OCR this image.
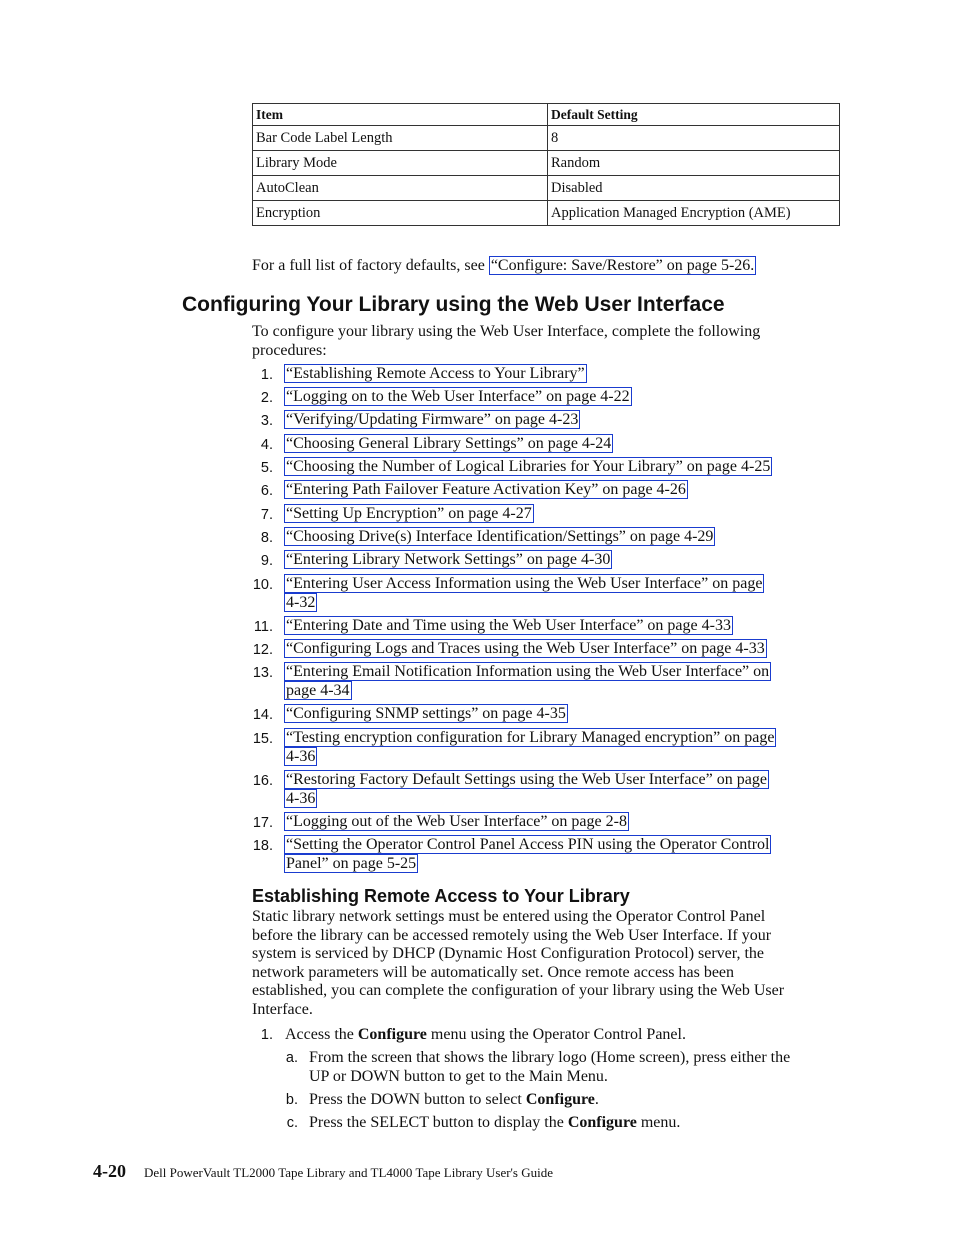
Item	Default Setting
Bar Code Label Length	8
Library Mode	Random
AutoClean	Disabled
Encryption	Application Managed Encryption (AME)
For a full list of factory defaults, see “Configure: Save/Restore” on page 5-26.
Configuring Your Library using the Web User Interface
To configure your library using the Web User Interface, complete the following
procedures:
1. “Establishing Remote Access to Your Library”
2. “Logging on to the Web User Interface” on page 4-22
3. “Verifying/Updating Firmware” on page 4-23
4. “Choosing General Library Settings” on page 4-24
5. “Choosing the Number of Logical Libraries for Your Library” on page 4-25
6. “Entering Path Failover Feature Activation Key” on page 4-26
7. “Setting Up Encryption” on page 4-27
8. “Choosing Drive(s) Interface Identification/Settings” on page 4-29
9. “Entering Library Network Settings” on page 4-30
10. “Entering User Access Information using the Web User Interface” on page
4-32
11. “Entering Date and Time using the Web User Interface” on page 4-33
12. “Configuring Logs and Traces using the Web User Interface” on page 4-33
13. “Entering Email Notification Information using the Web User Interface” on
page 4-34
14. “Configuring SNMP settings” on page 4-35
15. “Testing encryption configuration for Library Managed encryption” on page
4-36
16. “Restoring Factory Default Settings using the Web User Interface” on page
4-36
17. “Logging out of the Web User Interface” on page 2-8
18. “Setting the Operator Control Panel Access PIN using the Operator Control
Panel” on page 5-25
Establishing Remote Access to Your Library
Static library network settings must be entered using the Operator Control Panel
before the library can be accessed remotely using the Web User Interface. If your
system is serviced by DHCP (Dynamic Host Configuration Protocol) server, the
network parameters will be automatically set. Once remote access has been
established, you can complete the configuration of your library using the Web User
Interface.
1. Access the Configure menu using the Operator Control Panel.
a. From the screen that shows the library logo (Home screen), press either the
UP or DOWN button to get to the Main Menu.
b. Press the DOWN button to select Configure.
c. Press the SELECT button to display the Configure menu.
4-20 Dell PowerVault TL2000 Tape Library and TL4000 Tape Library User's Guide
